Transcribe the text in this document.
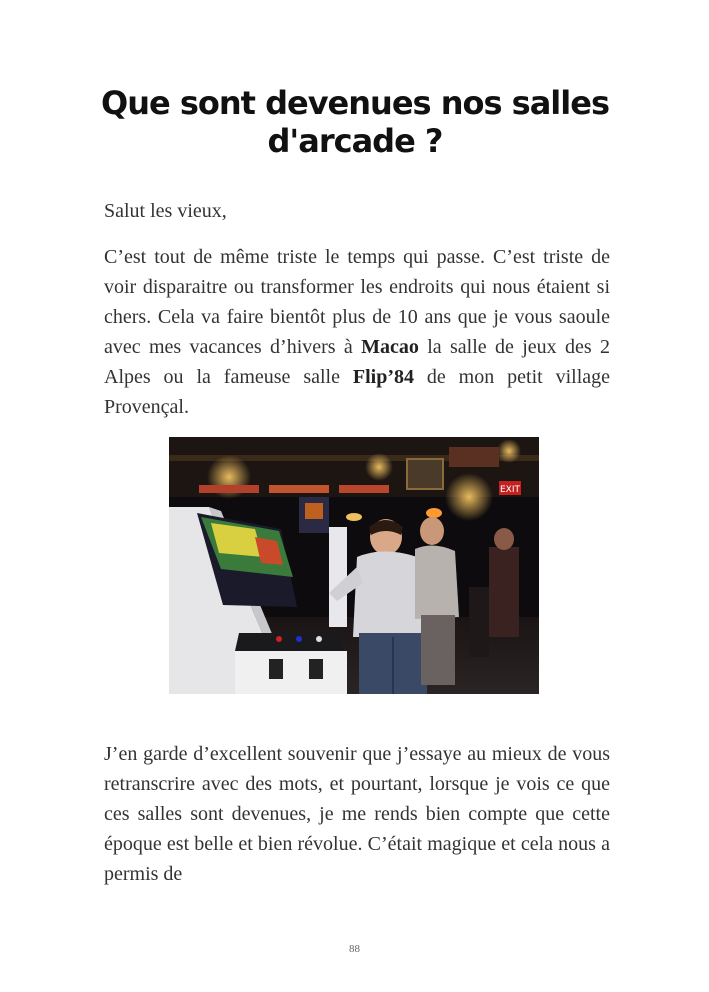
Que sont devenues nos salles d'arcade ?

Salut les vieux,

C’est tout de même triste le temps qui passe. C’est triste de voir disparaitre ou transformer les endroits qui nous étaient si chers. Cela va faire bientôt plus de 10 ans que je vous saoule avec mes vacances d’hivers à Macao la salle de jeux des 2 Alpes ou la fameuse salle Flip’84 de mon petit village Provençal.

EXIT

J’en garde d’excellent souvenir que j’essaye au mieux de vous retranscrire avec des mots, et pourtant, lorsque je vois ce que ces salles sont devenues, je me rends bien compte que cette époque est belle et bien révolue. C’était magique et cela nous a permis de

88
